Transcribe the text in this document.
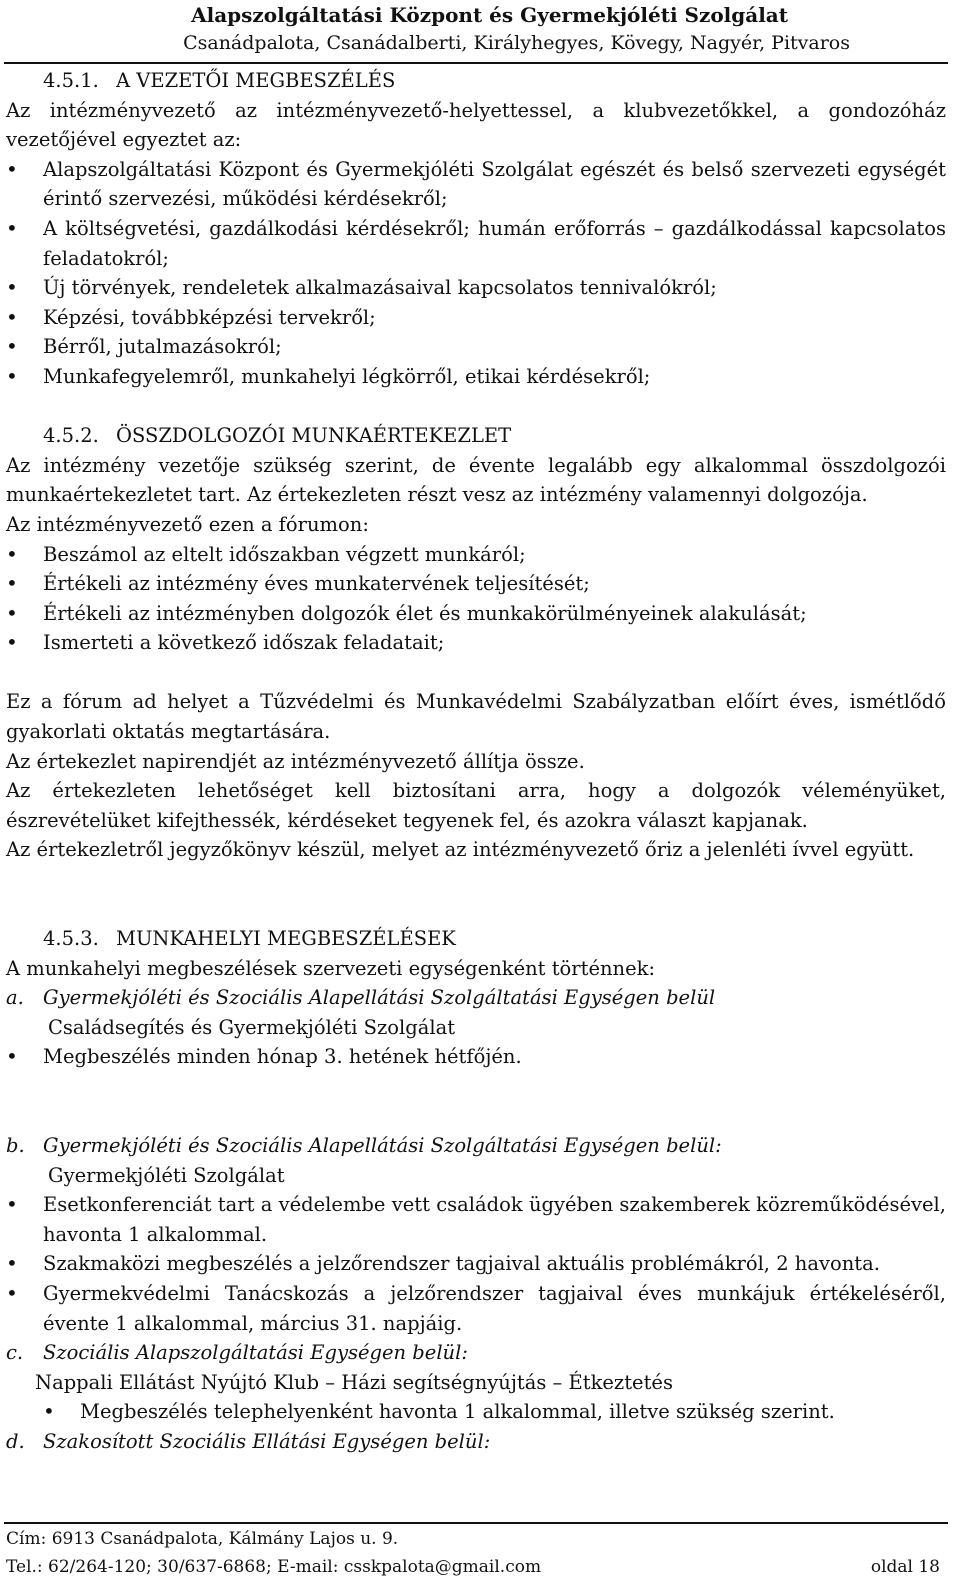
Alapszolgáltatási Központ és Gyermekjóléti Szolgálat
Csanádpalota, Csanádalberti, Királyhegyes, Kövegy, Nagyér, Pitvaros

4.5.1. A VEZETŐI MEGBESZÉLÉS

Az intézményvezető az intézményvezető-helyettessel, a klubvezetőkkel, a gondozóház vezetőjével egyeztet az:

• Alapszolgáltatási Központ és Gyermekjóléti Szolgálat egészét és belső szervezeti egységét érintő szervezési, működési kérdésekről;
• A költségvetési, gazdálkodási kérdésekről; humán erőforrás – gazdálkodással kapcsolatos feladatokról;
• Új törvények, rendeletek alkalmazásaival kapcsolatos tennivalókról;
• Képzési, továbbképzési tervekről;
• Bérről, jutalmazásokról;
• Munkafegyelemről, munkahelyi légkörről, etikai kérdésekről;

4.5.2. ÖSSZDOLGOZÓI MUNKAÉRTEKEZLET

Az intézmény vezetője szükség szerint, de évente legalább egy alkalommal összdolgozói munkaértekezletet tart. Az értekezleten részt vesz az intézmény valamennyi dolgozója.

Az intézményvezető ezen a fórumon:

• Beszámol az eltelt időszakban végzett munkáról;
• Értékeli az intézmény éves munkatervének teljesítését;
• Értékeli az intézményben dolgozók élet és munkakörülményeinek alakulását;
• Ismerteti a következő időszak feladatait;

Ez a fórum ad helyet a Tűzvédelmi és Munkavédelmi Szabályzatban előírt éves, ismétlődő gyakorlati oktatás megtartására.

Az értekezlet napirendjét az intézményvezető állítja össze.

Az értekezleten lehetőséget kell biztosítani arra, hogy a dolgozók véleményüket, észrevételüket kifejthessék, kérdéseket tegyenek fel, és azokra választ kapjanak.

Az értekezletről jegyzőkönyv készül, melyet az intézményvezető őriz a jelenléti ívvel együtt.

4.5.3. MUNKAHELYI MEGBESZÉLÉSEK

A munkahelyi megbeszélések szervezeti egységenként történnek:

a. Gyermekjóléti és Szociális Alapellátási Szolgáltatási Egységen belül

Családsegítés és Gyermekjóléti Szolgálat

• Megbeszélés minden hónap 3. hetének hétfőjén.

b. Gyermekjóléti és Szociális Alapellátási Szolgáltatási Egységen belül:

Gyermekjóléti Szolgálat

• Esetkonferenciát tart a védelembe vett családok ügyében szakemberek közreműködésével, havonta 1 alkalommal.
• Szakmaközi megbeszélés a jelzőrendszer tagjaival aktuális problémákról, 2 havonta.
• Gyermekvédelmi Tanácskozás a jelzőrendszer tagjaival éves munkájuk értékeléséről, évente 1 alkalommal, március 31. napjáig.

c. Szociális Alapszolgáltatási Egységen belül:

Nappali Ellátást Nyújtó Klub – Házi segítségnyújtás – Étkeztetés

• Megbeszélés telephelyenként havonta 1 alkalommal, illetve szükség szerint.

d. Szakosított Szociális Ellátási Egységen belül:

Cím: 6913 Csanádpalota, Kálmány Lajos u. 9.
Tel.: 62/264-120; 30/637-6868; E-mail: csskpalota@gmail.com	oldal 18
